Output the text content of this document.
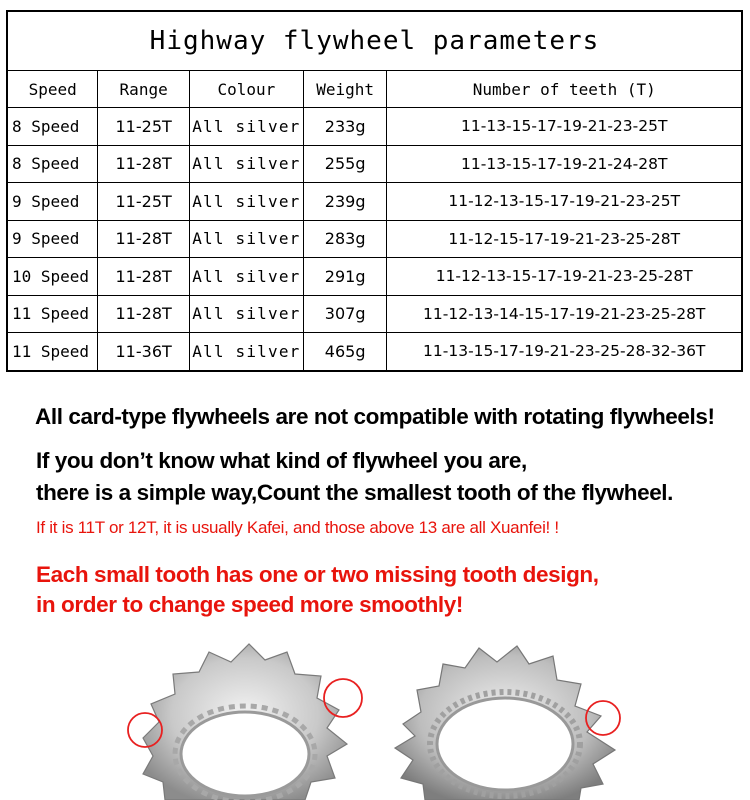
Highway flywheel parameters				
Speed	Range	Colour	Weight	Number of teeth (T)
8 Speed	11-25T	All silver	233g	11-13-15-17-19-21-23-25T
8 Speed	11-28T	All silver	255g	11-13-15-17-19-21-24-28T
9 Speed	11-25T	All silver	239g	11-12-13-15-17-19-21-23-25T
9 Speed	11-28T	All silver	283g	11-12-15-17-19-21-23-25-28T
10 Speed	11-28T	All silver	291g	11-12-13-15-17-19-21-23-25-28T
11 Speed	11-28T	All silver	307g	11-12-13-14-15-17-19-21-23-25-28T
11 Speed	11-36T	All silver	465g	11-13-15-17-19-21-23-25-28-32-36T

All card-type flywheels are not compatible with rotating flywheels!

If you don’t know what kind of flywheel you are,

there is a simple way,Count the smallest tooth of the flywheel.

If it is 11T or 12T, it is usually Kafei, and those above 13 are all Xuanfei! !

Each small tooth has one or two missing tooth design,

in order to change speed more smoothly!
